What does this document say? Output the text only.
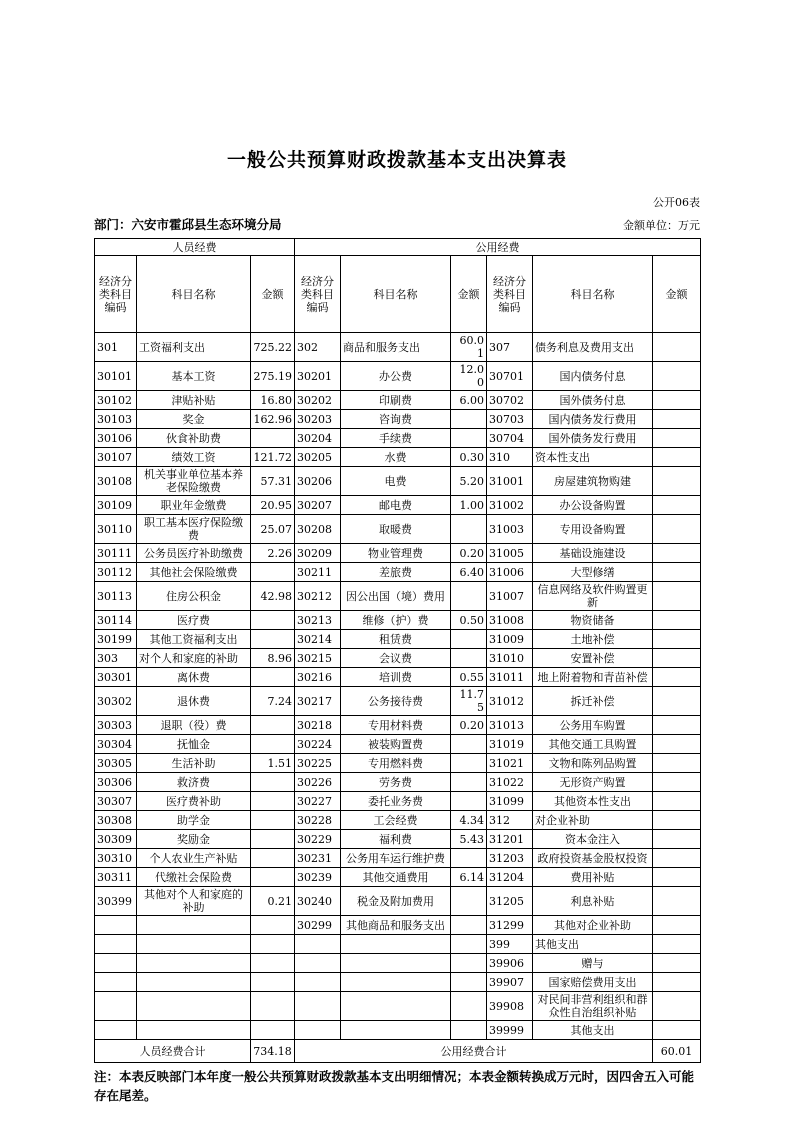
一般公共预算财政拨款基本支出决算表
公开06表
部门：六安市霍邱县生态环境分局	金额单位：万元
人员经费			公用经费					
经济分类科目编码	科目名称	金额	经济分类科目编码	科目名称	金额	经济分类科目编码	科目名称	金额
301	工资福利支出	725.22	302	商品和服务支出	60.01	307	债务利息及费用支出	
30101	基本工资	275.19	30201	办公费	12.00	30701	国内债务付息	
30102	津贴补贴	16.80	30202	印刷费	6.00	30702	国外债务付息	
30103	奖金	162.96	30203	咨询费		30703	国内债务发行费用	
30106	伙食补助费		30204	手续费		30704	国外债务发行费用	
30107	绩效工资	121.72	30205	水费	0.30	310	资本性支出	
30108	机关事业单位基本养老保险缴费	57.31	30206	电费	5.20	31001	房屋建筑物购建	
30109	职业年金缴费	20.95	30207	邮电费	1.00	31002	办公设备购置	
30110	职工基本医疗保险缴费	25.07	30208	取暖费		31003	专用设备购置	
30111	公务员医疗补助缴费	2.26	30209	物业管理费	0.20	31005	基础设施建设	
30112	其他社会保险缴费		30211	差旅费	6.40	31006	大型修缮	
30113	住房公积金	42.98	30212	因公出国（境）费用		31007	信息网络及软件购置更新	
30114	医疗费		30213	维修（护）费	0.50	31008	物资储备	
30199	其他工资福利支出		30214	租赁费		31009	土地补偿	
303	对个人和家庭的补助	8.96	30215	会议费		31010	安置补偿	
30301	离休费		30216	培训费	0.55	31011	地上附着物和青苗补偿	
30302	退休费	7.24	30217	公务接待费	11.75	31012	拆迁补偿	
30303	退职（役）费		30218	专用材料费	0.20	31013	公务用车购置	
30304	抚恤金		30224	被装购置费		31019	其他交通工具购置	
30305	生活补助	1.51	30225	专用燃料费		31021	文物和陈列品购置	
30306	救济费		30226	劳务费		31022	无形资产购置	
30307	医疗费补助		30227	委托业务费		31099	其他资本性支出	
30308	助学金		30228	工会经费	4.34	312	对企业补助	
30309	奖励金		30229	福利费	5.43	31201	资本金注入	
30310	个人农业生产补贴		30231	公务用车运行维护费		31203	政府投资基金股权投资	
30311	代缴社会保险费		30239	其他交通费用	6.14	31204	费用补贴	
30399	其他对个人和家庭的补助	0.21	30240	税金及附加费用		31205	利息补贴	
			30299	其他商品和服务支出		31299	其他对企业补助	
						399	其他支出	
						39906	赠与	
						39907	国家赔偿费用支出	
						39908	对民间非营利组织和群众性自治组织补贴	
						39999	其他支出	
人员经费合计		734.18	公用经费合计					60.01

注：本表反映部门本年度一般公共预算财政拨款基本支出明细情况；本表金额转换成万元时，因四舍五入可能存在尾差。
